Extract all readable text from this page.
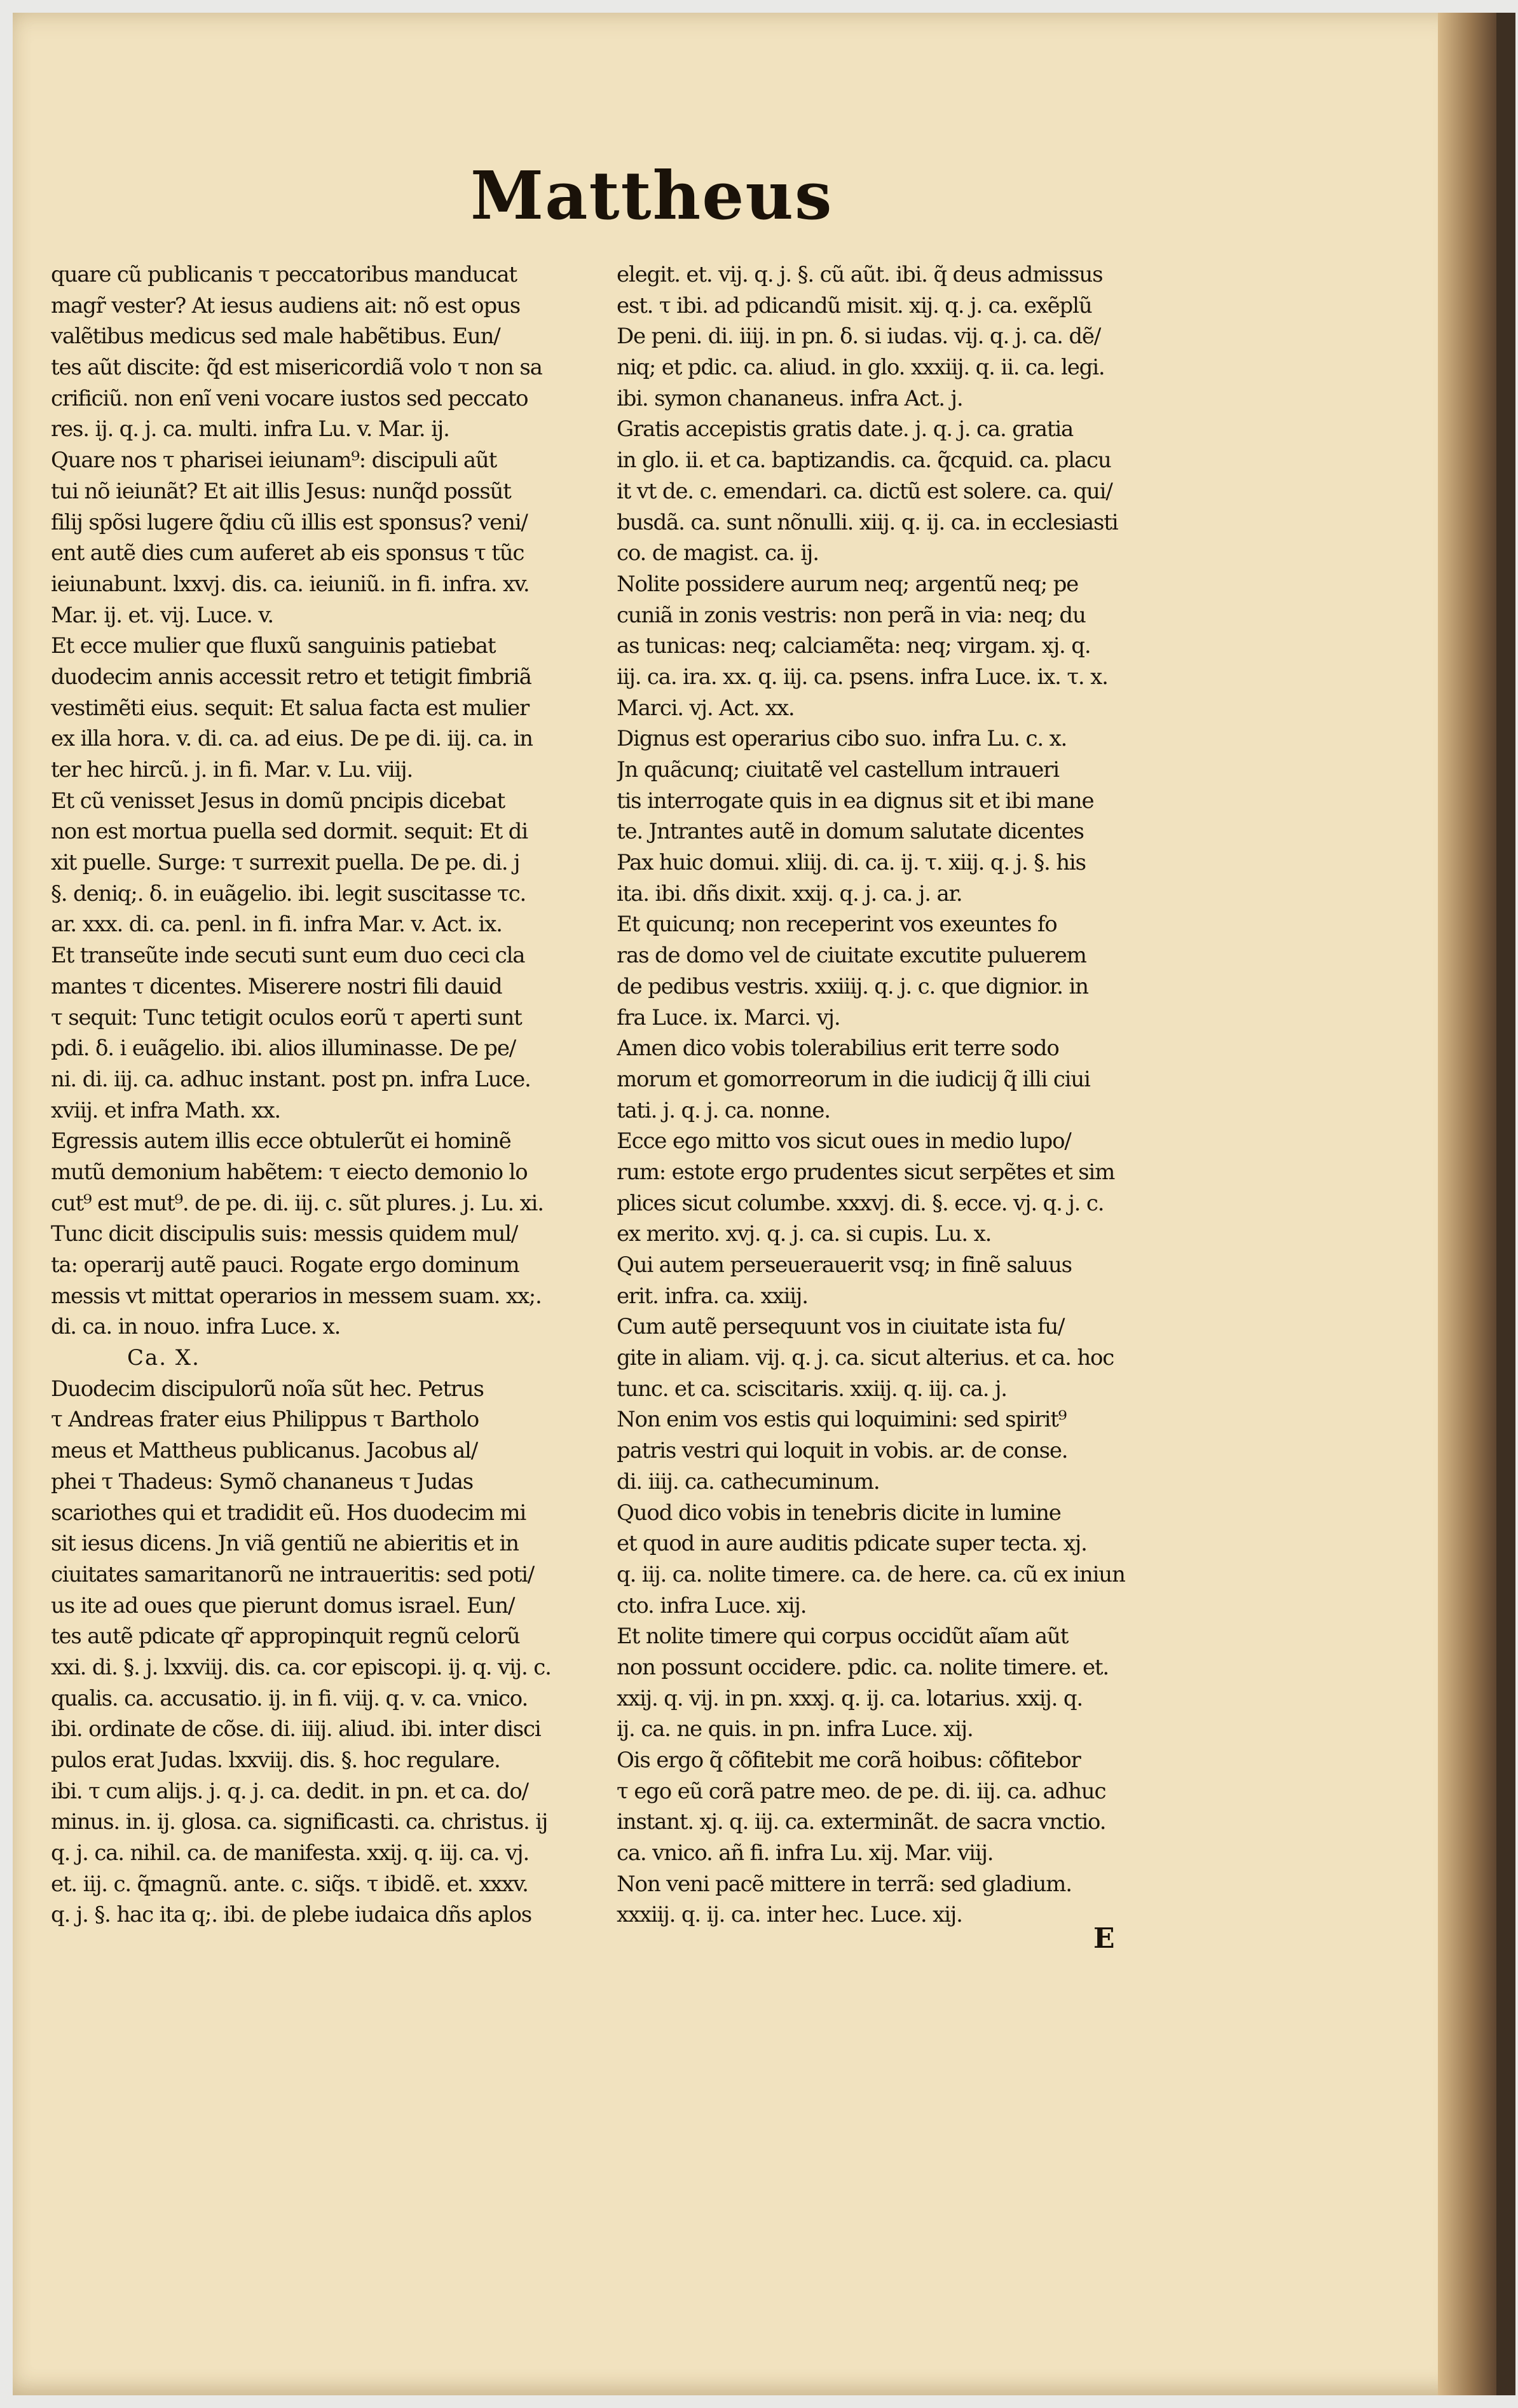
Mattheus
quare cũ publicanis τ peccatoribus manducat
magr̃ vester? At iesus audiens ait: nõ est opus
valẽtibus medicus sed male habẽtibus. Eun/
tes aũt discite: q̃d est misericordiã volo τ non sa
crificiũ. non enĩ veni vocare iustos sed peccato
res. ij. q. j. ca. multi. infra Lu. v. Mar. ij.
Quare nos τ pharisei ieiunam⁹: discipuli aũt
tui nõ ieiunãt? Et ait illis Jesus: nunq̃d possũt
filij spõsi lugere q̃diu cũ illis est sponsus? veni/
ent autẽ dies cum auferet ab eis sponsus τ tũc
ieiunabunt. lxxvj. dis. ca. ieiuniũ. in fi. infra. xv.
Mar. ij. et. vij. Luce. v.
Et ecce mulier que fluxũ sanguinis patiebat
duodecim annis accessit retro et tetigit fimbriã
vestimẽti eius. sequit: Et salua facta est mulier
ex illa hora. v. di. ca. ad eius. De pe di. iij. ca. in
ter hec hircũ. j. in fi. Mar. v. Lu. viij.
Et cũ venisset Jesus in domũ pncipis dicebat
non est mortua puella sed dormit. sequit: Et di
xit puelle. Surge: τ surrexit puella. De pe. di. j
§. deniq;. ẟ. in euãgelio. ibi. legit suscitasse τc.
ar. xxx. di. ca. penl. in fi. infra Mar. v. Act. ix.
Et transeũte inde secuti sunt eum duo ceci cla
mantes τ dicentes. Miserere nostri fili dauid
τ sequit: Tunc tetigit oculos eorũ τ aperti sunt
pdi. ẟ. i euãgelio. ibi. alios illuminasse. De pe/
ni. di. iij. ca. adhuc instant. post pn. infra Luce.
xviij. et infra Math. xx.
Egressis autem illis ecce obtulerũt ei hominẽ
mutũ demonium habẽtem: τ eiecto demonio lo
cut⁹ est mut⁹. de pe. di. iij. c. sũt plures. j. Lu. xi.
Tunc dicit discipulis suis: messis quidem mul/
ta: operarij autẽ pauci. Rogate ergo dominum
messis vt mittat operarios in messem suam. xx;.
di. ca. in nouo. infra Luce. x.
Ca. X.
Duodecim discipulorũ noĩa sũt hec. Petrus
τ Andreas frater eius Philippus τ Bartholo
meus et Mattheus publicanus. Jacobus al/
phei τ Thadeus: Symõ chananeus τ Judas
scariothes qui et tradidit eũ. Hos duodecim mi
sit iesus dicens. Jn viã gentiũ ne abieritis et in
ciuitates samaritanorũ ne intraueritis: sed poti/
us ite ad oues que pierunt domus israel. Eun/
tes autẽ pdicate qr̃ appropinquit regnũ celorũ
xxi. di. §. j. lxxviij. dis. ca. cor episcopi. ij. q. vij. c.
qualis. ca. accusatio. ij. in fi. viij. q. v. ca. vnico.
ibi. ordinate de cõse. di. iiij. aliud. ibi. inter disci
pulos erat Judas. lxxviij. dis. §. hoc regulare.
ibi. τ cum alijs. j. q. j. ca. dedit. in pn. et ca. do/
minus. in. ij. glosa. ca. significasti. ca. christus. ij
q. j. ca. nihil. ca. de manifesta. xxij. q. iij. ca. vj.
et. iij. c. q̃magnũ. ante. c. siq̃s. τ ibidẽ. et. xxxv.
q. j. §. hac ita q;. ibi. de plebe iudaica dñs aplos
elegit. et. vij. q. j. §. cũ aũt. ibi. q̃ deus admissus
est. τ ibi. ad pdicandũ misit. xij. q. j. ca. exẽplũ
De peni. di. iiij. in pn. ẟ. si iudas. vij. q. j. ca. dẽ/
niq; et pdic. ca. aliud. in glo. xxxiij. q. ii. ca. legi.
ibi. symon chananeus. infra Act. j.
Gratis accepistis gratis date. j. q. j. ca. gratia
in glo. ii. et ca. baptizandis. ca. q̃cquid. ca. placu
it vt de. c. emendari. ca. dictũ est solere. ca. qui/
busdã. ca. sunt nõnulli. xiij. q. ij. ca. in ecclesiasti
co. de magist. ca. ij.
Nolite possidere aurum neq; argentũ neq; pe
cuniã in zonis vestris: non perã in via: neq; du
as tunicas: neq; calciamẽta: neq; virgam. xj. q.
iij. ca. ira. xx. q. iij. ca. psens. infra Luce. ix. τ. x.
Marci. vj. Act. xx.
Dignus est operarius cibo suo. infra Lu. c. x.
Jn quãcunq; ciuitatẽ vel castellum intraueri
tis interrogate quis in ea dignus sit et ibi mane
te. Jntrantes autẽ in domum salutate dicentes
Pax huic domui. xliij. di. ca. ij. τ. xiij. q. j. §. his
ita. ibi. dñs dixit. xxij. q. j. ca. j. ar.
Et quicunq; non receperint vos exeuntes fo
ras de domo vel de ciuitate excutite puluerem
de pedibus vestris. xxiiij. q. j. c. que dignior. in
fra Luce. ix. Marci. vj.
Amen dico vobis tolerabilius erit terre sodo
morum et gomorreorum in die iudicij q̃ illi ciui
tati. j. q. j. ca. nonne.
Ecce ego mitto vos sicut oues in medio lupo/
rum: estote ergo prudentes sicut serpẽtes et sim
plices sicut columbe. xxxvj. di. §. ecce. vj. q. j. c.
ex merito. xvj. q. j. ca. si cupis. Lu. x.
Qui autem perseuerauerit vsq; in finẽ saluus
erit. infra. ca. xxiij.
Cum autẽ persequunt vos in ciuitate ista fu/
gite in aliam. vij. q. j. ca. sicut alterius. et ca. hoc
tunc. et ca. sciscitaris. xxiij. q. iij. ca. j.
Non enim vos estis qui loquimini: sed spirit⁹
patris vestri qui loquit in vobis. ar. de conse.
di. iiij. ca. cathecuminum.
Quod dico vobis in tenebris dicite in lumine
et quod in aure auditis pdicate super tecta. xj.
q. iij. ca. nolite timere. ca. de here. ca. cũ ex iniun
cto. infra Luce. xij.
Et nolite timere qui corpus occidũt aĩam aũt
non possunt occidere. pdic. ca. nolite timere. et.
xxij. q. vij. in pn. xxxj. q. ij. ca. lotarius. xxij. q.
ij. ca. ne quis. in pn. infra Luce. xij.
Ois ergo q̃ cõfitebit me corã hoibus: cõfitebor
τ ego eũ corã patre meo. de pe. di. iij. ca. adhuc
instant. xj. q. iij. ca. exterminãt. de sacra vnctio.
ca. vnico. añ fi. infra Lu. xij. Mar. viij.
Non veni pacẽ mittere in terrã: sed gladium.
xxxiij. q. ij. ca. inter hec. Luce. xij.
E
